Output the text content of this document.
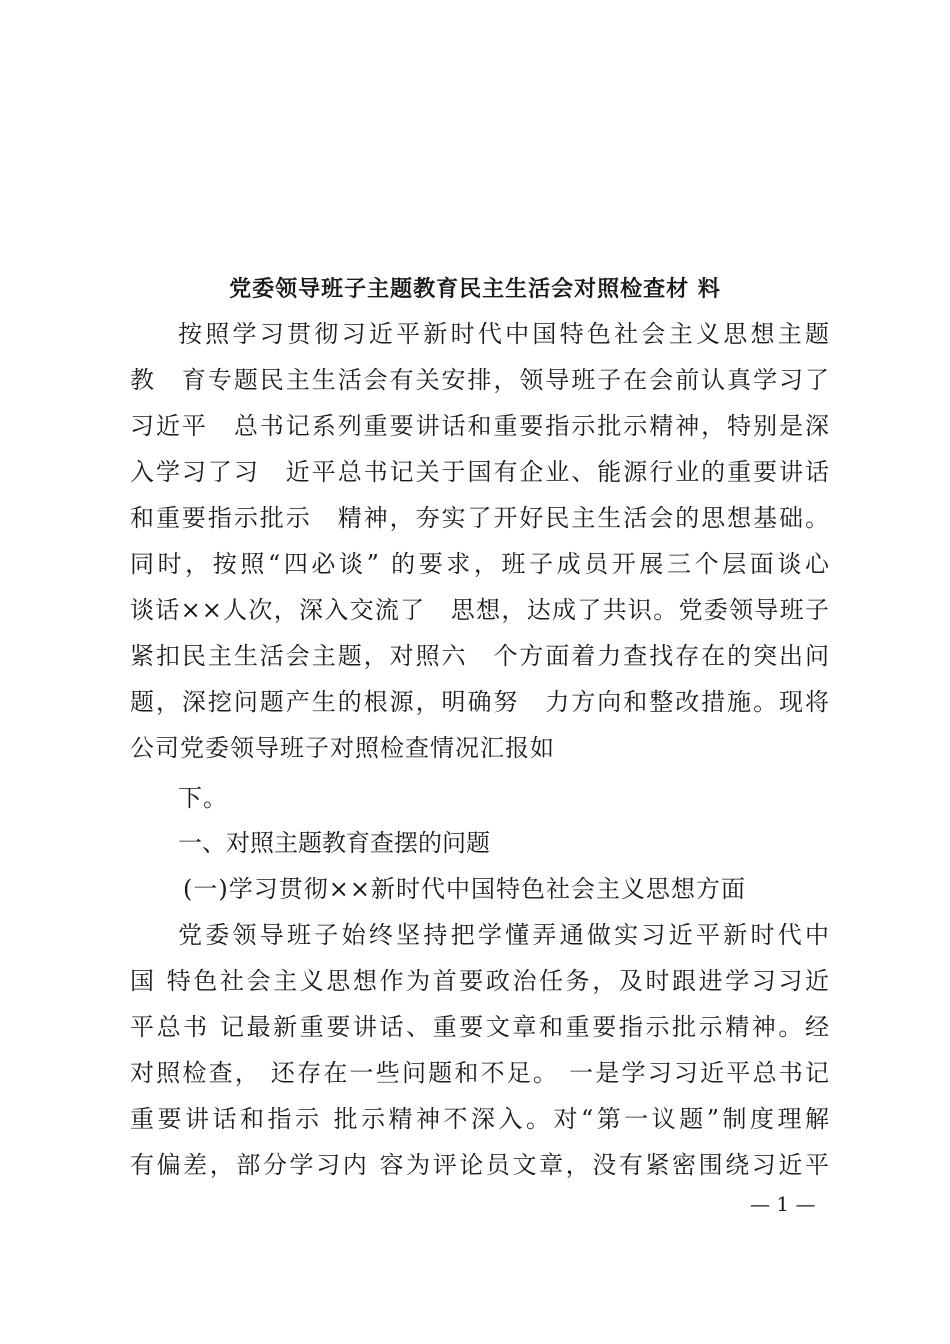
党委领导班子主题教育民主生活会对照检查材 料
按照学习贯彻习近平新时代中国特色社会主义思想主题
教　育专题民主生活会有关安排，领导班子在会前认真学习了
习近平　总书记系列重要讲话和重要指示批示精神，特别是深
入学习了习　近平总书记关于国有企业、能源行业的重要讲话
和重要指示批示　精神，夯实了开好民主生活会的思想基础。
同时，按照“四必谈” 的要求，班子成员开展三个层面谈心
谈话××人次，深入交流了　思想，达成了共识。党委领导班子
紧扣民主生活会主题，对照六　个方面着力查找存在的突出问
题，深挖问题产生的根源，明确努　力方向和整改措施。现将
公司党委领导班子对照检查情况汇报如
下。
一、对照主题教育查摆的问题
(一)学习贯彻××新时代中国特色社会主义思想方面
党委领导班子始终坚持把学懂弄通做实习近平新时代中
国 特色社会主义思想作为首要政治任务，及时跟进学习习近
平总书 记最新重要讲话、重要文章和重要指示批示精神。经
对照检查， 还存在一些问题和不足。 一是学习习近平总书记
重要讲话和指示 批示精神不深入。对“第一议题”制度理解
有偏差，部分学习内 容为评论员文章，没有紧密围绕习近平
— 1 —
